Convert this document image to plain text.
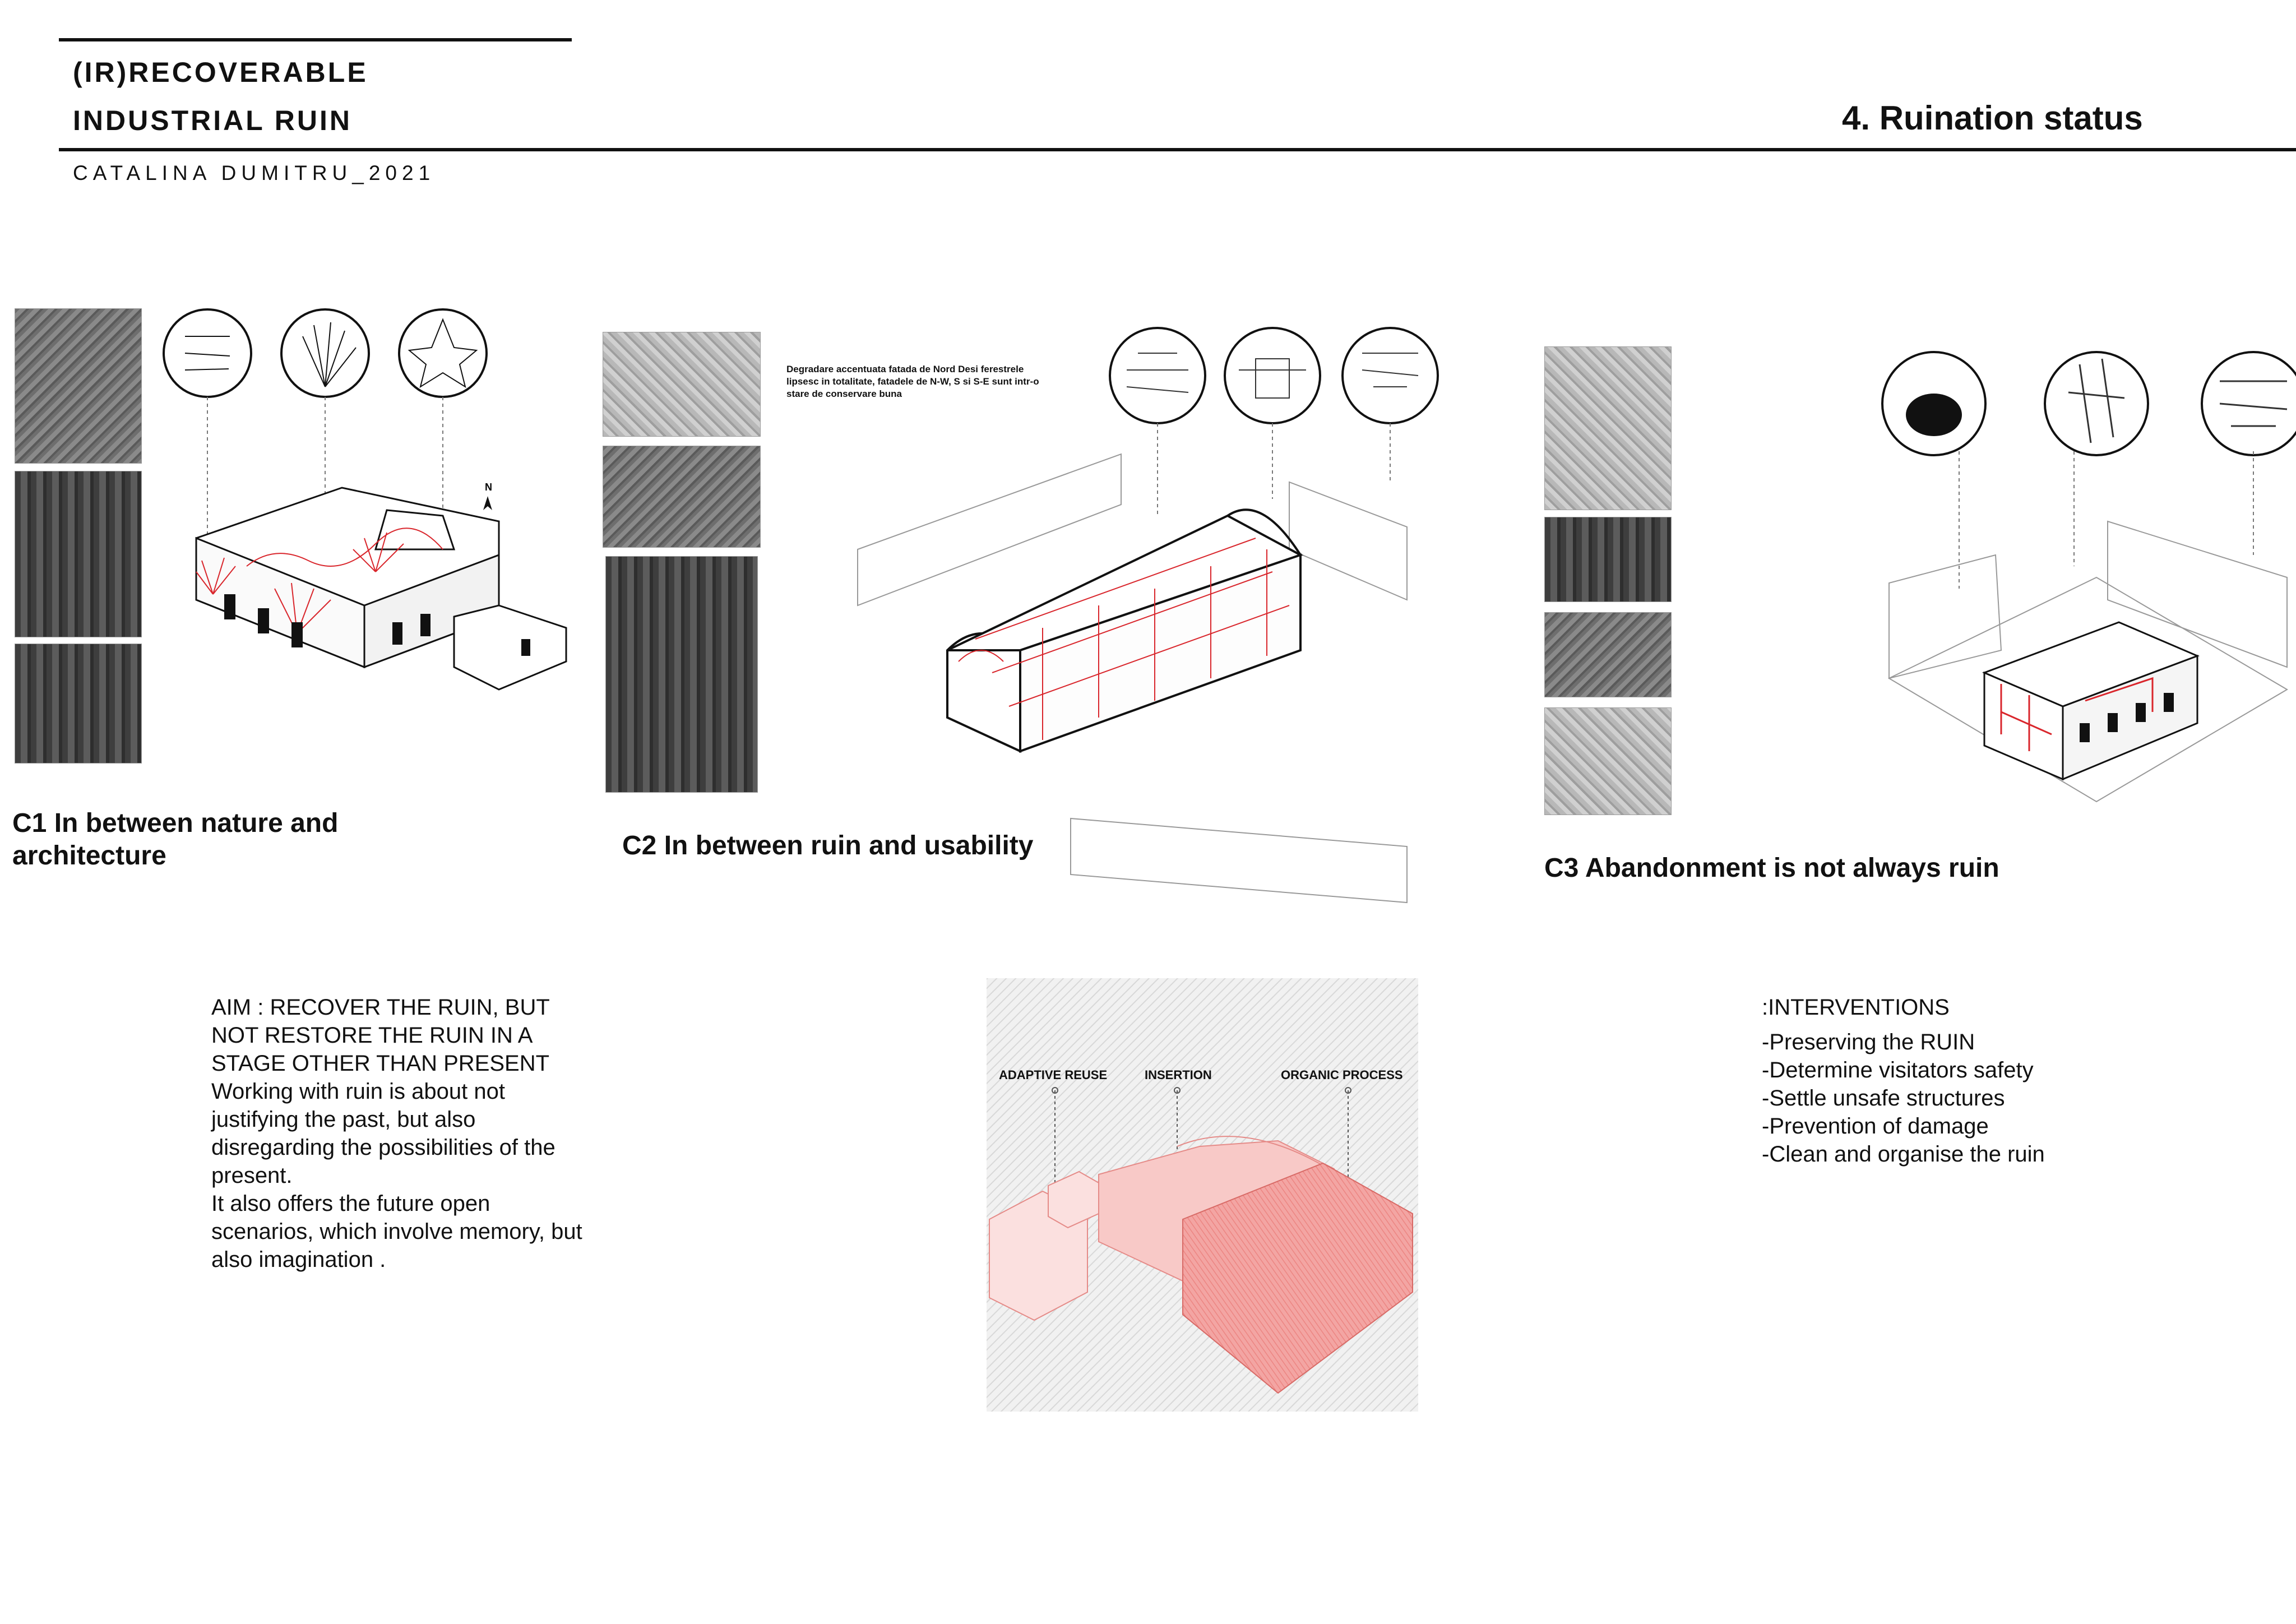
(IR)RECOVERABLE
INDUSTRIAL RUIN	4. Ruination status
CATALINA DUMITRU_2021
N
C1 In between nature and architecture
Degradare accentuata fatada de Nord Desi ferestrele lipsesc in totalitate, fatadele de N-W, S si S-E sunt intr-o stare de conservare buna
C2 In between ruin and usability
C3 Abandonment is not always ruin
AIM : RECOVER THE RUIN, BUT
NOT RESTORE THE RUIN IN A
STAGE OTHER THAN PRESENT
Working with ruin is about not
justifying the past, but also
disregarding the possibilities of the
present.
It also offers the future open
scenarios, which involve memory, but
also imagination .
ADAPTIVE REUSE	INSERTION	ORGANIC PROCESS
:INTERVENTIONS
-Preserving the RUIN
-Determine visitators safety
-Settle unsafe structures
-Prevention of damage
-Clean and organise the ruin
